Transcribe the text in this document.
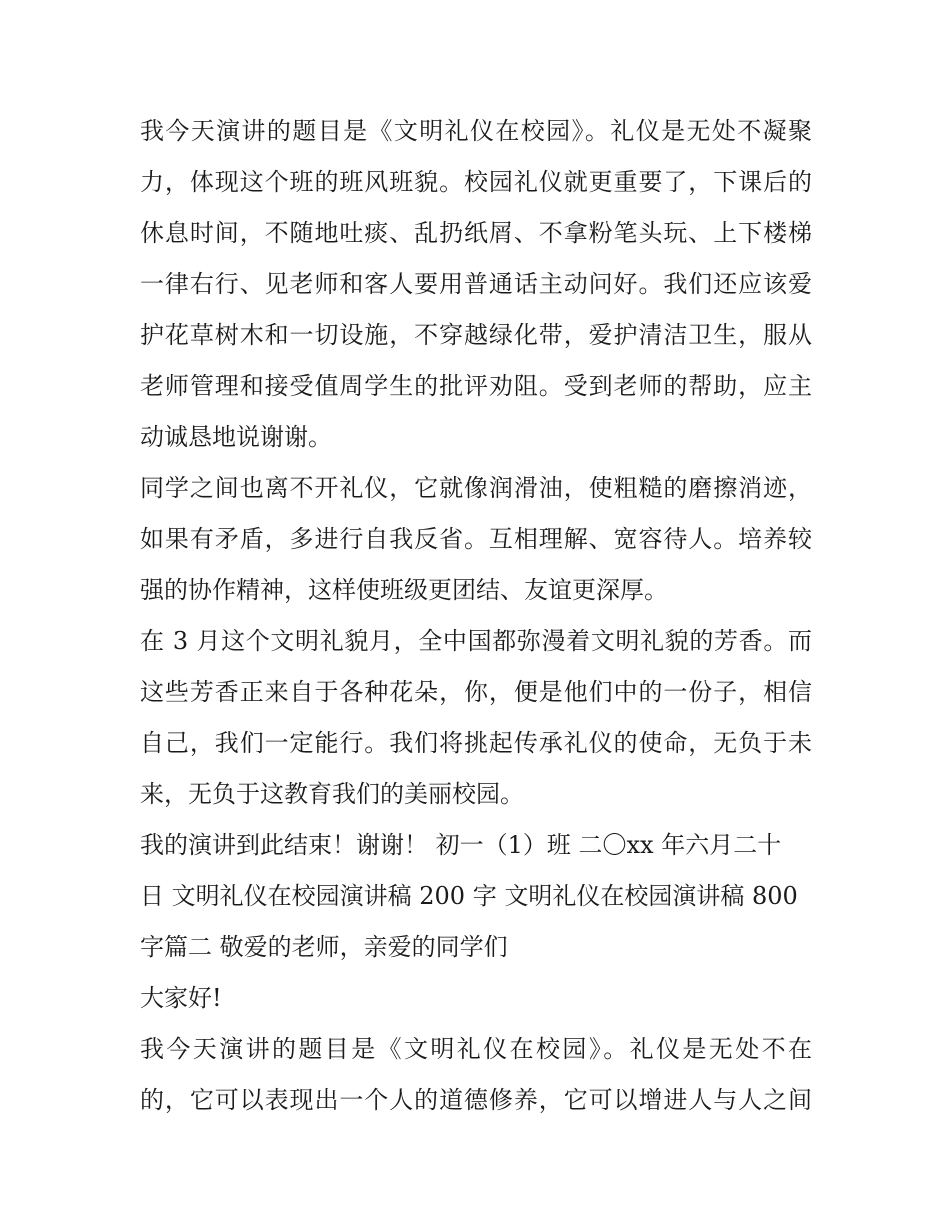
我今天演讲的题目是《文明礼仪在校园》。礼仪是无处不凝聚
力，体现这个班的班风班貌。校园礼仪就更重要了，下课后的
休息时间，不随地吐痰、乱扔纸屑、不拿粉笔头玩、上下楼梯
一律右行、见老师和客人要用普通话主动问好。我们还应该爱
护花草树木和一切设施，不穿越绿化带，爱护清洁卫生，服从
老师管理和接受值周学生的批评劝阻。受到老师的帮助，应主
动诚恳地说谢谢。
同学之间也离不开礼仪，它就像润滑油，使粗糙的磨擦消迹，
如果有矛盾，多进行自我反省。互相理解、宽容待人。培养较
强的协作精神，这样使班级更团结、友谊更深厚。
在 3 月这个文明礼貌月，全中国都弥漫着文明礼貌的芳香。而
这些芳香正来自于各种花朵，你，便是他们中的一份子，相信
自己，我们一定能行。我们将挑起传承礼仪的使命，无负于未
来，无负于这教育我们的美丽校园。
我的演讲到此结束！谢谢！ 初一（1）班 二〇xx 年六月二十
日 文明礼仪在校园演讲稿 200 字 文明礼仪在校园演讲稿 800
字篇二 敬爱的老师，亲爱的同学们
大家好!
我今天演讲的题目是《文明礼仪在校园》。礼仪是无处不在
的，它可以表现出一个人的道德修养，它可以增进人与人之间
